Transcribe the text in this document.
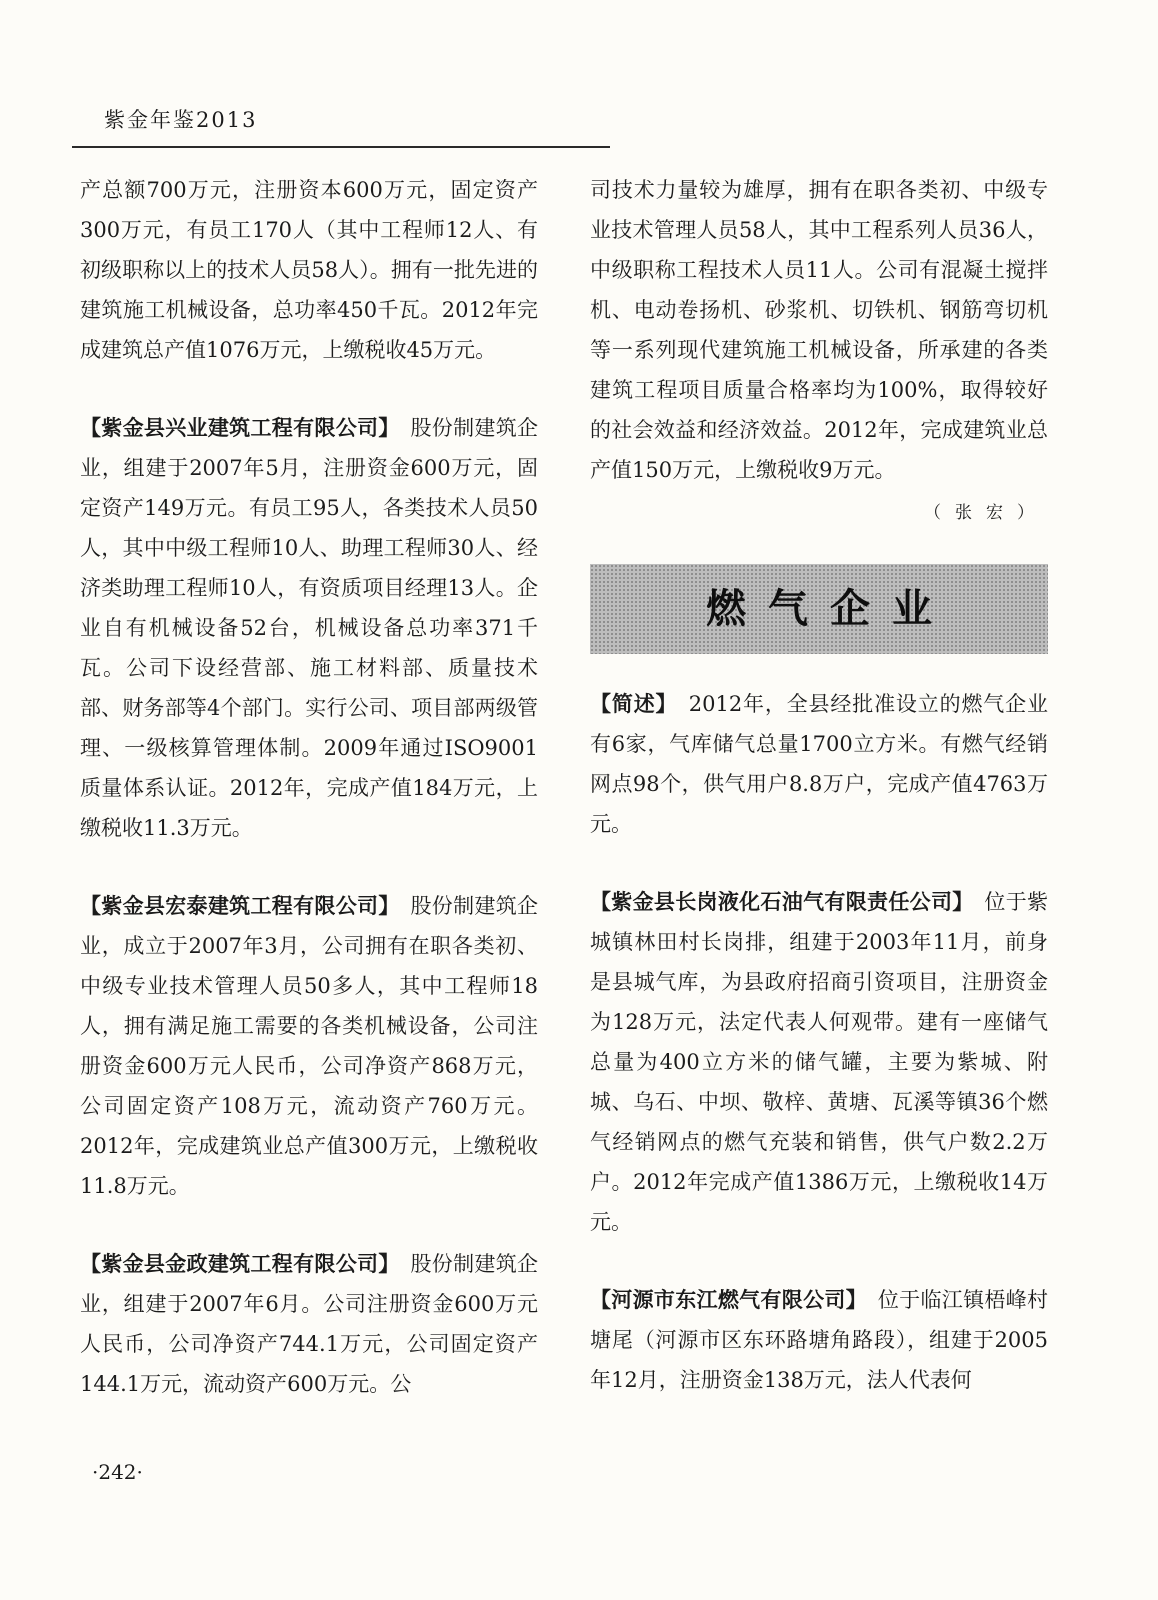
紫金年鉴2013

产总额700万元，注册资本600万元，固定资产300万元，有员工170人（其中工程师12人、有初级职称以上的技术人员58人）。拥有一批先进的建筑施工机械设备，总功率450千瓦。2012年完成建筑总产值1076万元，上缴税收45万元。

【紫金县兴业建筑工程有限公司】　股份制建筑企业，组建于2007年5月，注册资金600万元，固定资产149万元。有员工95人，各类技术人员50人，其中中级工程师10人、助理工程师30人、经济类助理工程师10人，有资质项目经理13人。企业自有机械设备52台，机械设备总功率371千瓦。公司下设经营部、施工材料部、质量技术部、财务部等4个部门。实行公司、项目部两级管理、一级核算管理体制。2009年通过ISO9001质量体系认证。2012年，完成产值184万元，上缴税收11.3万元。

【紫金县宏泰建筑工程有限公司】　股份制建筑企业，成立于2007年3月，公司拥有在职各类初、中级专业技术管理人员50多人，其中工程师18人，拥有满足施工需要的各类机械设备，公司注册资金600万元人民币，公司净资产868万元，公司固定资产108万元，流动资产760万元。2012年，完成建筑业总产值300万元，上缴税收11.8万元。

【紫金县金政建筑工程有限公司】　股份制建筑企业，组建于2007年6月。公司注册资金600万元人民币，公司净资产744.1万元，公司固定资产144.1万元，流动资产600万元。公

司技术力量较为雄厚，拥有在职各类初、中级专业技术管理人员58人，其中工程系列人员36人，中级职称工程技术人员11人。公司有混凝土搅拌机、电动卷扬机、砂浆机、切铁机、钢筋弯切机等一系列现代建筑施工机械设备，所承建的各类建筑工程项目质量合格率均为100%，取得较好的社会效益和经济效益。2012年，完成建筑业总产值150万元，上缴税收9万元。

（张宏）
燃气企业

【简述】　2012年，全县经批准设立的燃气企业有6家，气库储气总量1700立方米。有燃气经销网点98个，供气用户8.8万户，完成产值4763万元。

【紫金县长岗液化石油气有限责任公司】　位于紫城镇林田村长岗排，组建于2003年11月，前身是县城气库，为县政府招商引资项目，注册资金为128万元，法定代表人何观带。建有一座储气总量为400立方米的储气罐，主要为紫城、附城、乌石、中坝、敬梓、黄塘、瓦溪等镇36个燃气经销网点的燃气充装和销售，供气户数2.2万户。2012年完成产值1386万元，上缴税收14万元。

【河源市东江燃气有限公司】　位于临江镇梧峰村塘尾（河源市区东环路塘角路段），组建于2005年12月，注册资金138万元，法人代表何

·242·
